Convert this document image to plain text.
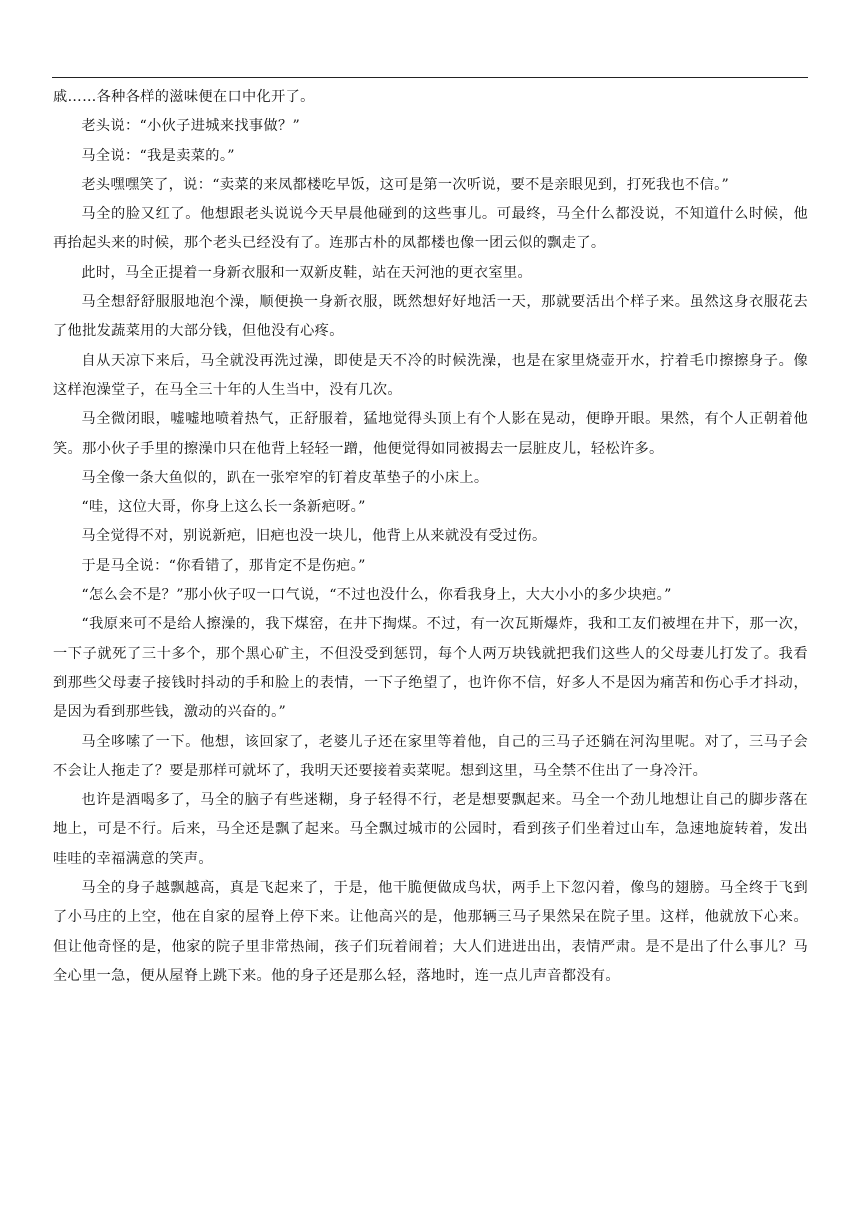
戚……各种各样的滋味便在口中化开了。

老头说：“小伙子进城来找事做？”

马全说：“我是卖菜的。”

老头嘿嘿笑了，说：“卖菜的来凤都楼吃早饭，这可是第一次听说，要不是亲眼见到，打死我也不信。”

马全的脸又红了。他想跟老头说说今天早晨他碰到的这些事儿。可最终，马全什么都没说，不知道什么时候，他再抬起头来的时候，那个老头已经没有了。连那古朴的凤都楼也像一团云似的飘走了。

此时，马全正提着一身新衣服和一双新皮鞋，站在天河池的更衣室里。

马全想舒舒服服地泡个澡，顺便换一身新衣服，既然想好好地活一天，那就要活出个样子来。虽然这身衣服花去了他批发蔬菜用的大部分钱，但他没有心疼。

自从天凉下来后，马全就没再洗过澡，即使是天不冷的时候洗澡，也是在家里烧壶开水，拧着毛巾擦擦身子。像这样泡澡堂子，在马全三十年的人生当中，没有几次。

马全微闭眼，嘘嘘地喷着热气，正舒服着，猛地觉得头顶上有个人影在晃动，便睁开眼。果然，有个人正朝着他笑。那小伙子手里的擦澡巾只在他背上轻轻一蹭，他便觉得如同被揭去一层脏皮儿，轻松许多。

马全像一条大鱼似的，趴在一张窄窄的钉着皮革垫子的小床上。

“哇，这位大哥，你身上这么长一条新疤呀。”

马全觉得不对，别说新疤，旧疤也没一块儿，他背上从来就没有受过伤。

于是马全说：“你看错了，那肯定不是伤疤。”

“怎么会不是？”那小伙子叹一口气说，“不过也没什么，你看我身上，大大小小的多少块疤。”

“我原来可不是给人擦澡的，我下煤窑，在井下掏煤。不过，有一次瓦斯爆炸，我和工友们被埋在井下，那一次，一下子就死了三十多个，那个黑心矿主，不但没受到惩罚，每个人两万块钱就把我们这些人的父母妻儿打发了。我看到那些父母妻子接钱时抖动的手和脸上的表情，一下子绝望了，也许你不信，好多人不是因为痛苦和伤心手才抖动，是因为看到那些钱，激动的兴奋的。”

马全哆嗦了一下。他想，该回家了，老婆儿子还在家里等着他，自己的三马子还躺在河沟里呢。对了，三马子会不会让人拖走了？要是那样可就坏了，我明天还要接着卖菜呢。想到这里，马全禁不住出了一身冷汗。

也许是酒喝多了，马全的脑子有些迷糊，身子轻得不行，老是想要飘起来。马全一个劲儿地想让自己的脚步落在地上，可是不行。后来，马全还是飘了起来。马全飘过城市的公园时，看到孩子们坐着过山车，急速地旋转着，发出哇哇的幸福满意的笑声。

马全的身子越飘越高，真是飞起来了，于是，他干脆便做成鸟状，两手上下忽闪着，像鸟的翅膀。马全终于飞到了小马庄的上空，他在自家的屋脊上停下来。让他高兴的是，他那辆三马子果然呆在院子里。这样，他就放下心来。但让他奇怪的是，他家的院子里非常热闹，孩子们玩着闹着；大人们进进出出，表情严肃。是不是出了什么事儿？马全心里一急，便从屋脊上跳下来。他的身子还是那么轻，落地时，连一点儿声音都没有。
